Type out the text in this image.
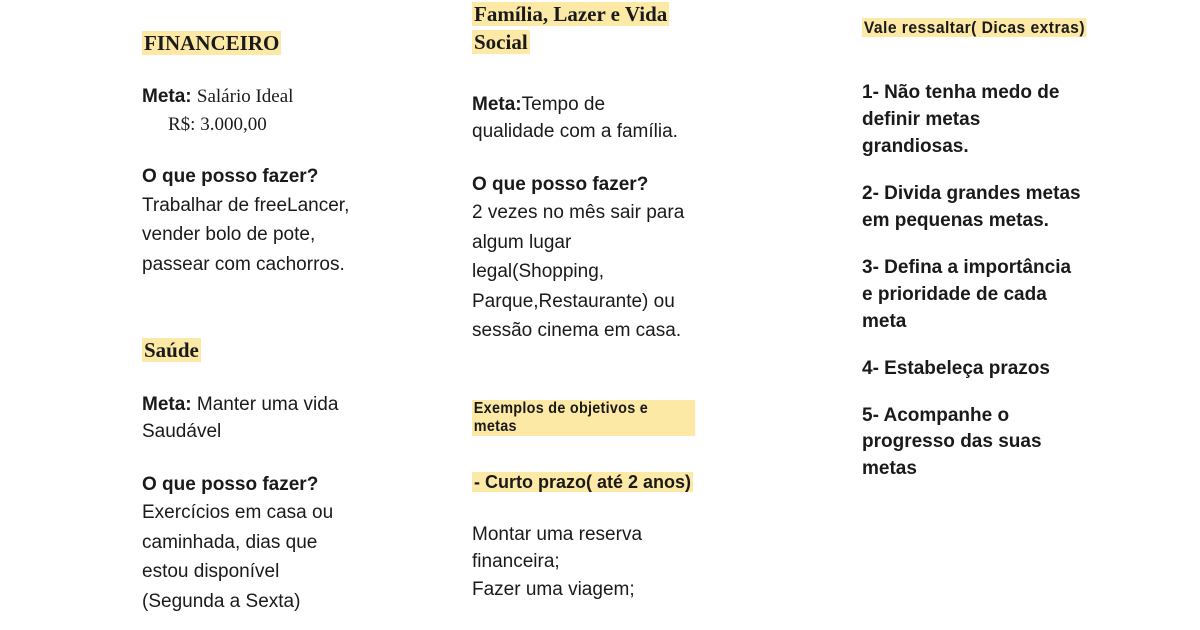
FINANCEIRO

Meta: Salário Ideal

R$: 3.000,00

O que posso fazer?

Trabalhar de freeLancer,

vender bolo de pote,

passear com cachorros.

Saúde

Meta: Manter uma vida

Saudável

O que posso fazer?

Exercícios em casa ou

caminhada, dias que

estou disponível

(Segunda a Sexta)

Família, Lazer e Vida

Social

Meta:Tempo de

qualidade com a família.

O que posso fazer?

2 vezes no mês sair para

algum lugar

legal(Shopping,

Parque,Restaurante) ou

sessão cinema em casa.

Exemplos de objetivos e metas

- Curto prazo( até 2 anos)

Montar uma reserva

financeira;

Fazer uma viagem;

Vale ressaltar( Dicas extras)

1- Não tenha medo de
definir metas
grandiosas.
2- Divida grandes metas
em pequenas metas.
3- Defina a importância
e prioridade de cada
meta
4- Estabeleça prazos
5- Acompanhe o
progresso das suas
metas
